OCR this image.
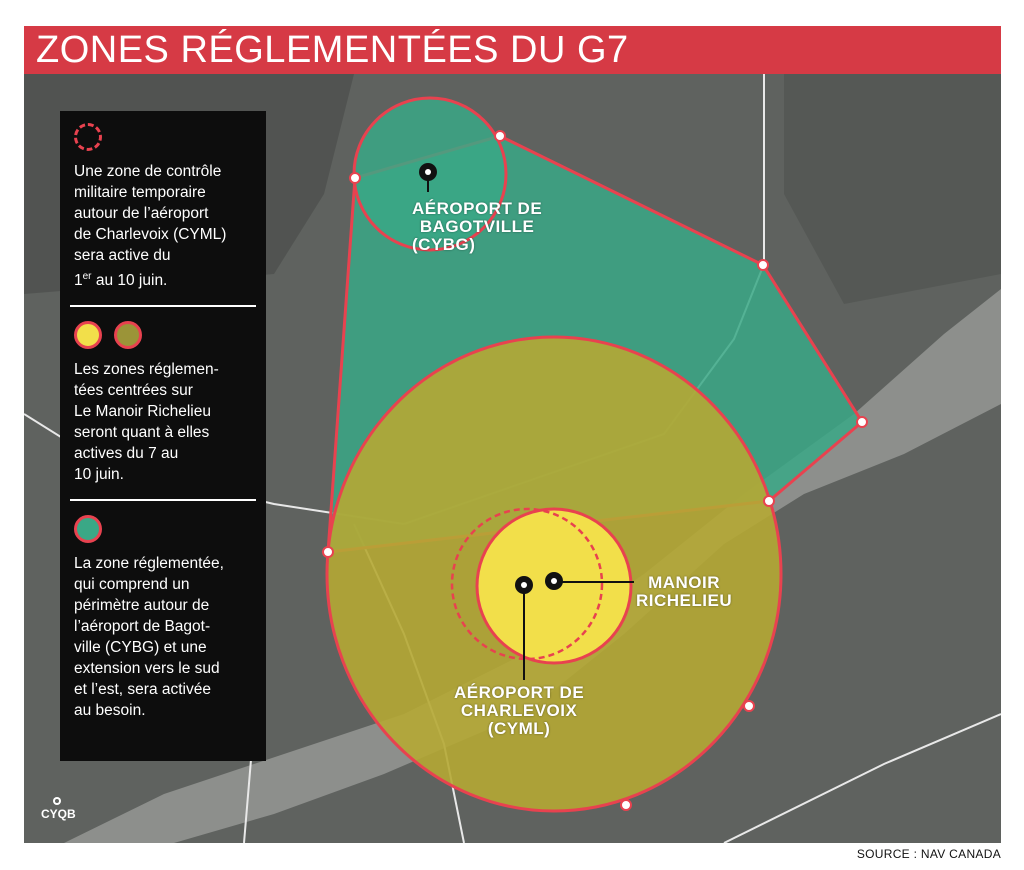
ZONES RÉGLEMENTÉES DU G7
AÉROPORT DE
BAGOTVILLE
(CYBG)
MANOIR
RICHELIEU
AÉROPORT DE
CHARLEVOIX
(CYML)
CYQB

Une zone de contrôle
militaire temporaire
autour de l’aéroport
de Charlevoix (CYML)
sera active du
1er au 10 juin.

Les zones réglemen-
tées centrées sur
Le Manoir Richelieu
seront quant à elles
actives du 7 au
10 juin.

La zone réglementée,
qui comprend un
périmètre autour de
l’aéroport de Bagot-
ville (CYBG) et une
extension vers le sud
et l’est, sera activée
au besoin.

SOURCE : NAV CANADA
